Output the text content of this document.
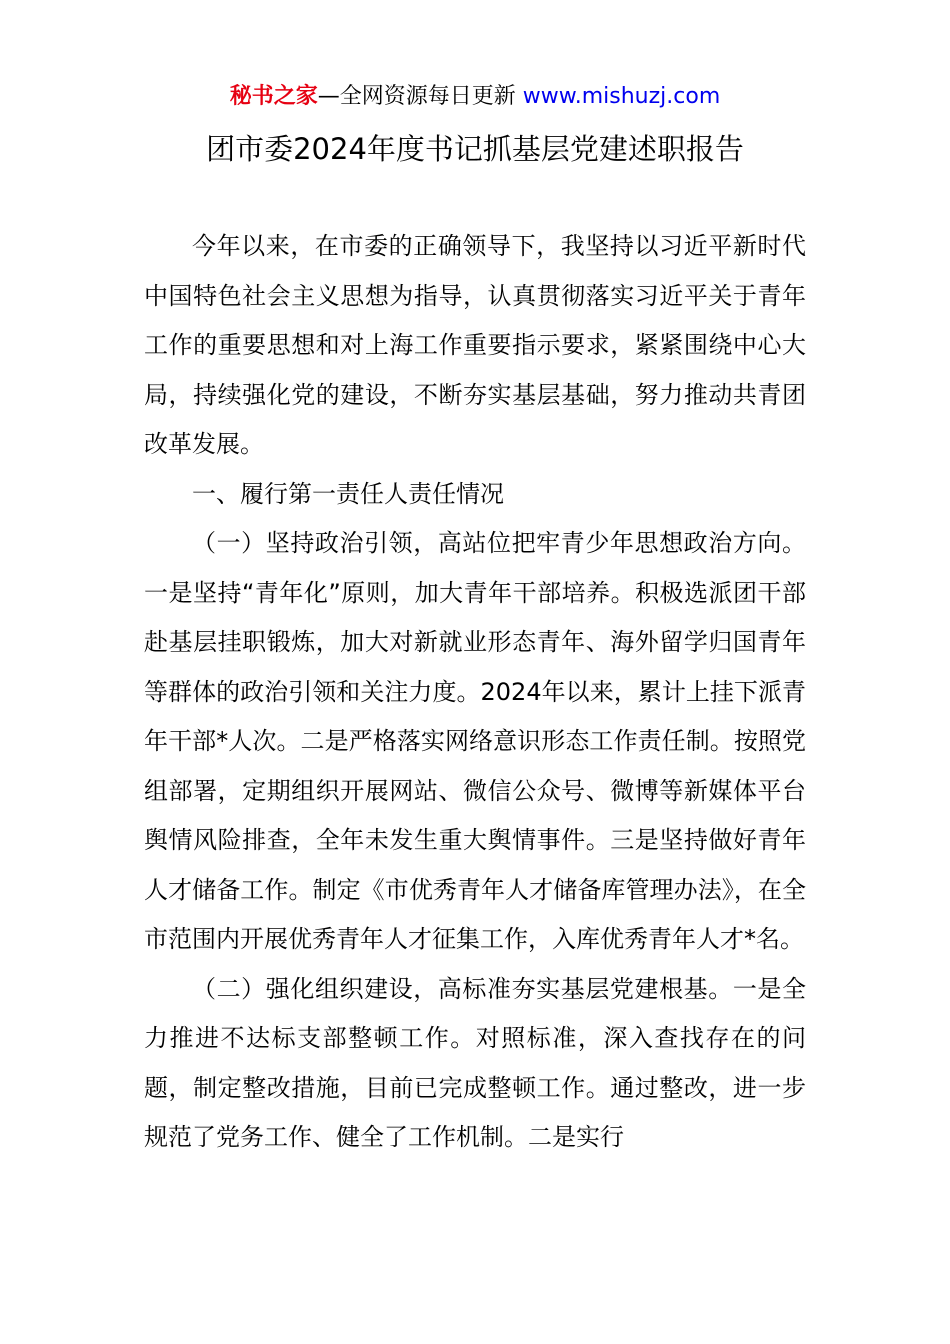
秘书之家—全网资源每日更新 www.mishuzj.com
团市委2024年度书记抓基层党建述职报告

今年以来，在市委的正确领导下，我坚持以习近平新时代中国特色社会主义思想为指导，认真贯彻落实习近平关于青年工作的重要思想和对上海工作重要指示要求，紧紧围绕中心大局，持续强化党的建设，不断夯实基层基础，努力推动共青团改革发展。

一、履行第一责任人责任情况

（一）坚持政治引领，高站位把牢青少年思想政治方向。一是坚持“青年化”原则，加大青年干部培养。积极选派团干部赴基层挂职锻炼，加大对新就业形态青年、海外留学归国青年等群体的政治引领和关注力度。2024年以来，累计上挂下派青年干部*人次。二是严格落实网络意识形态工作责任制。按照党组部署，定期组织开展网站、微信公众号、微博等新媒体平台舆情风险排查，全年未发生重大舆情事件。三是坚持做好青年人才储备工作。制定《市优秀青年人才储备库管理办法》，在全市范围内开展优秀青年人才征集工作，入库优秀青年人才*名。

（二）强化组织建设，高标准夯实基层党建根基。一是全力推进不达标支部整顿工作。对照标准，深入查找存在的问题，制定整改措施，目前已完成整顿工作。通过整改，进一步规范了党务工作、健全了工作机制。二是实行
